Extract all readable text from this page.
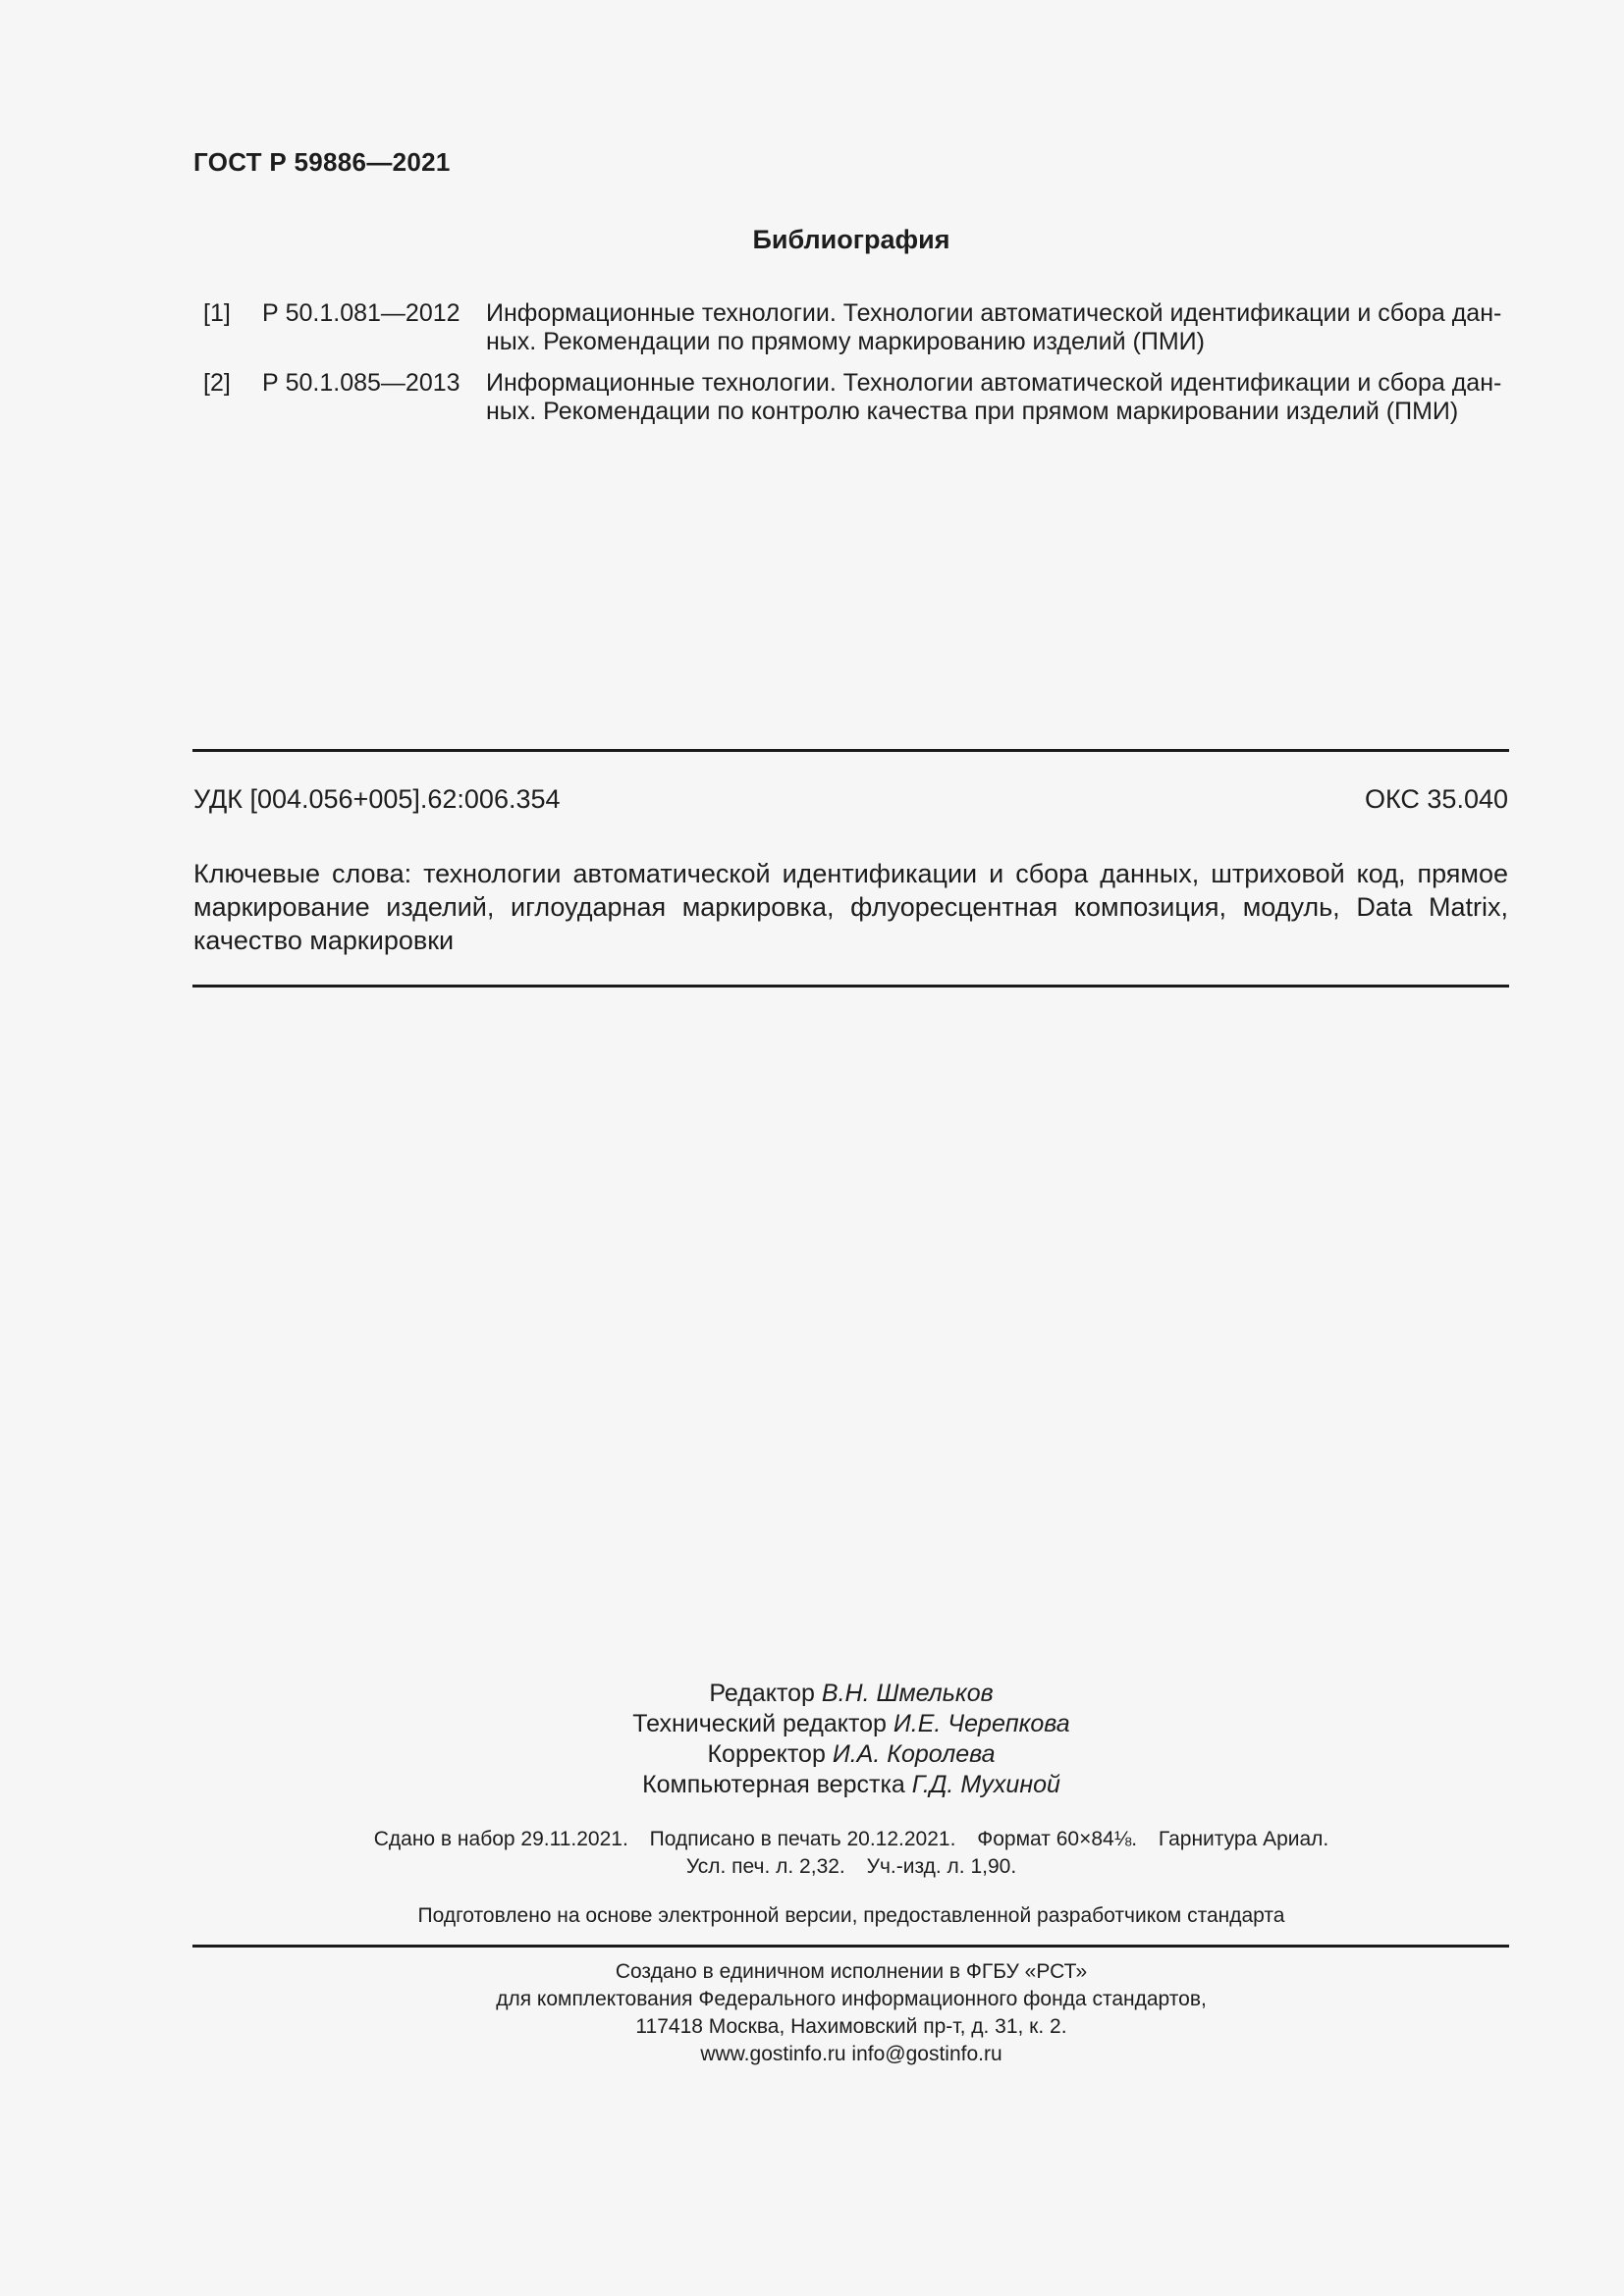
ГОСТ Р 59886—2021
Библиография
[1] Р 50.1.081—2012 Информационные технологии. Технологии автоматической идентификации и сбора дан-
ных. Рекомендации по прямому маркированию изделий (ПМИ)
[2] Р 50.1.085—2013 Информационные технологии. Технологии автоматической идентификации и сбора дан-
ных. Рекомендации по контролю качества при прямом маркировании изделий (ПМИ)
УДК [004.056+005].62:006.354	ОКС 35.040
Ключевые слова: технологии автоматической идентификации и сбора данных, штриховой код, прямое
маркирование изделий, иглоударная маркировка, флуоресцентная композиция, модуль, Data Matrix,
качество маркировки
Редактор В.Н. Шмельков
Технический редактор И.Е. Черепкова
Корректор И.А. Королева
Компьютерная верстка Г.Д. Мухиной
Сдано в набор 29.11.2021. Подписано в печать 20.12.2021. Формат 60×84⅛. Гарнитура Ариал.
Усл. печ. л. 2,32. Уч.-изд. л. 1,90.
Подготовлено на основе электронной версии, предоставленной разработчиком стандарта
Создано в единичном исполнении в ФГБУ «РСТ»
для комплектования Федерального информационного фонда стандартов,
117418 Москва, Нахимовский пр-т, д. 31, к. 2.
www.gostinfo.ru info@gostinfo.ru
